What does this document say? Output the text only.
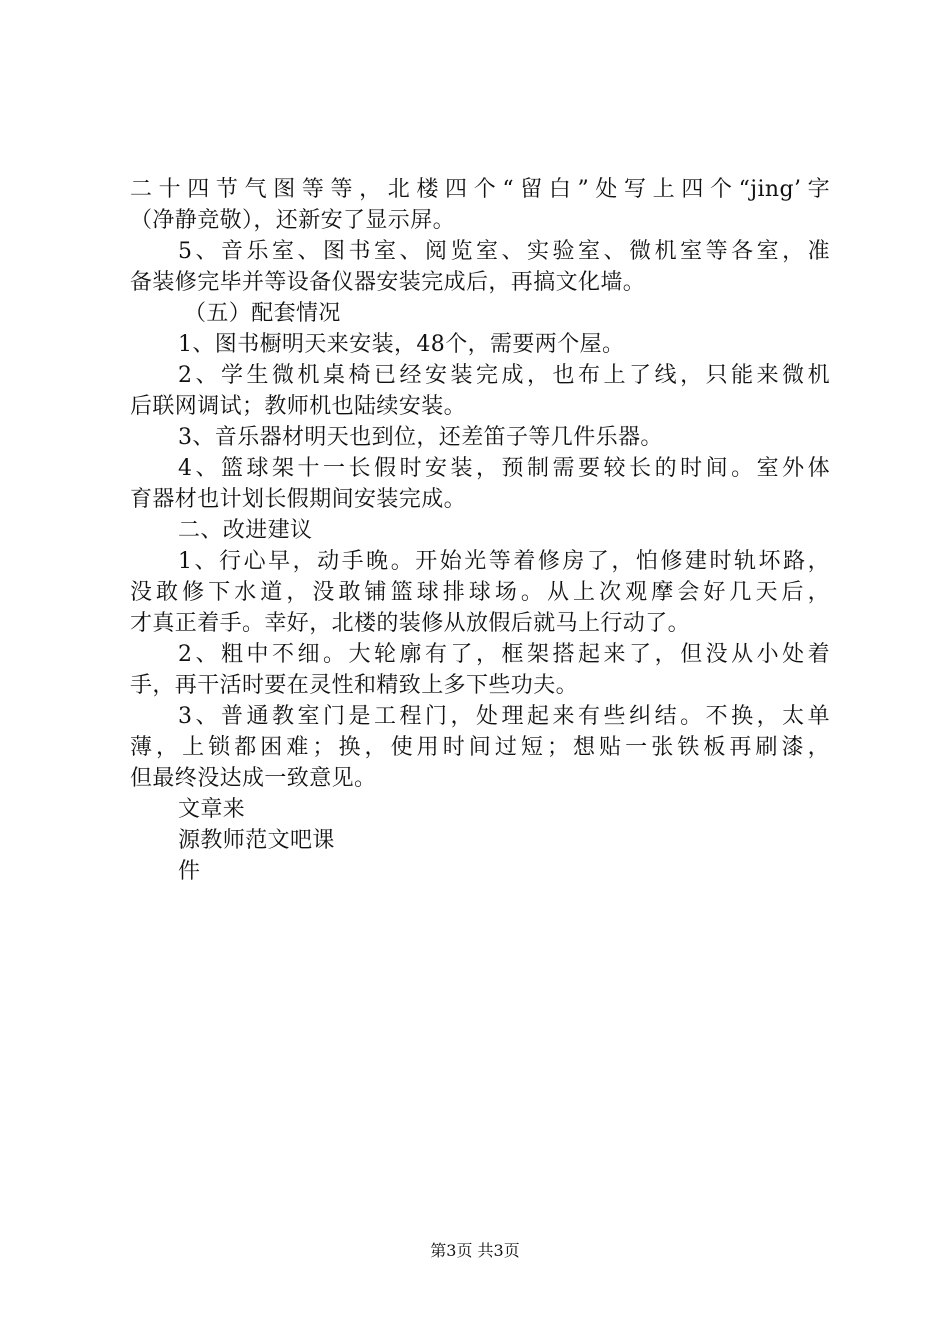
二十四节气图等等，北楼四个“留白”处写上四个“jing’字
（净静竞敬），还新安了显示屏。
5、音乐室、图书室、阅览室、实验室、微机室等各室，准
备装修完毕并等设备仪器安装完成后，再搞文化墙。
（五）配套情况
1、图书橱明天来安装，48个，需要两个屋。
2、学生微机桌椅已经安装完成，也布上了线，只能来微机
后联网调试；教师机也陆续安装。
3、音乐器材明天也到位，还差笛子等几件乐器。
4、篮球架十一长假时安装，预制需要较长的时间。室外体
育器材也计划长假期间安装完成。
二、改进建议
1、行心早，动手晚。开始光等着修房了，怕修建时轨坏路，
没敢修下水道，没敢铺篮球排球场。从上次观摩会好几天后，
才真正着手。幸好，北楼的装修从放假后就马上行动了。
2、粗中不细。大轮廓有了，框架搭起来了，但没从小处着
手，再干活时要在灵性和精致上多下些功夫。
3、普通教室门是工程门，处理起来有些纠结。不换，太单
薄，上锁都困难；换，使用时间过短；想贴一张铁板再刷漆，
但最终没达成一致意见。
文章来
源教师范文吧课
件
第3页 共3页
